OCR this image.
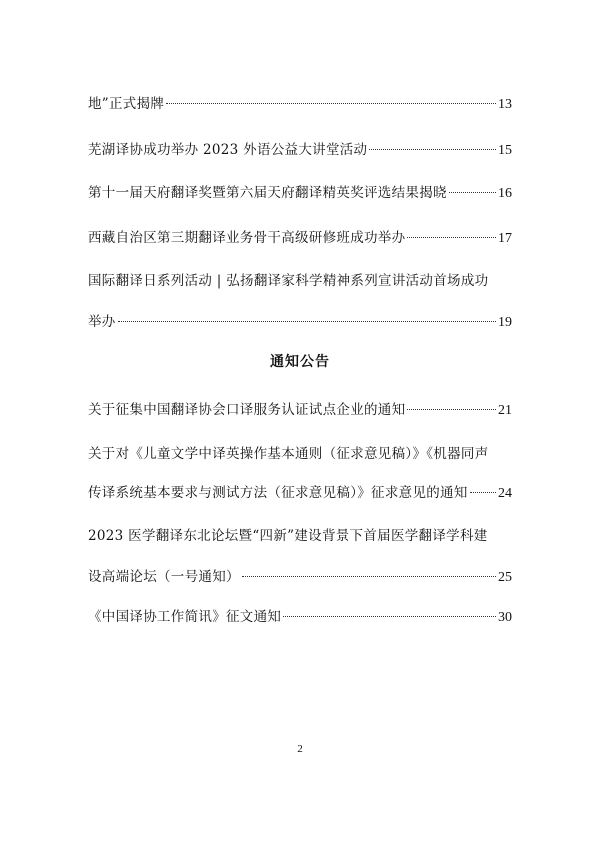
地”正式揭牌	13
芜湖译协成功举办 2023 外语公益大讲堂活动	15
第十一届天府翻译奖暨第六届天府翻译精英奖评选结果揭晓	16
西藏自治区第三期翻译业务骨干高级研修班成功举办	17
国际翻译日系列活动 | 弘扬翻译家科学精神系列宣讲活动首场成功
举办	19
通知公告
关于征集中国翻译协会口译服务认证试点企业的通知	21
关于对《儿童文学中译英操作基本通则（征求意见稿）》《机器同声
传译系统基本要求与测试方法（征求意见稿）》征求意见的通知 24
2023 医学翻译东北论坛暨“四新”建设背景下首届医学翻译学科建
设高端论坛（一号通知）	25
《中国译协工作简讯》征文通知	30
2
